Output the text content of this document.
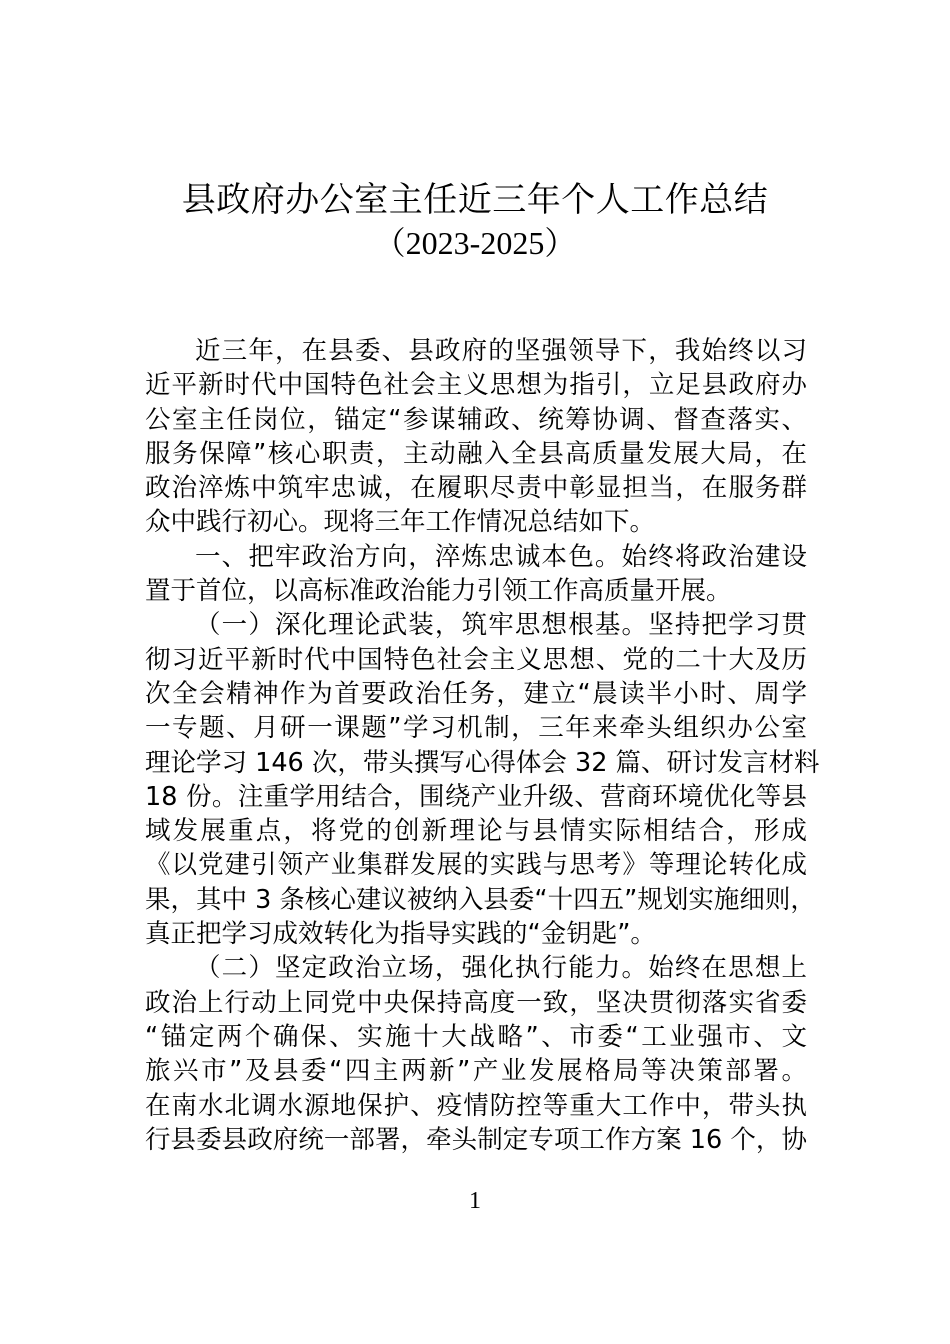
县政府办公室主任近三年个人工作总结
（2023-2025）
近三年，在县委、县政府的坚强领导下，我始终以习
近平新时代中国特色社会主义思想为指引，立足县政府办
公室主任岗位，锚定“参谋辅政、统筹协调、督查落实、
服务保障”核心职责，主动融入全县高质量发展大局，在
政治淬炼中筑牢忠诚，在履职尽责中彰显担当，在服务群
众中践行初心。现将三年工作情况总结如下。
一、把牢政治方向，淬炼忠诚本色。始终将政治建设
置于首位，以高标准政治能力引领工作高质量开展。
（一）深化理论武装，筑牢思想根基。坚持把学习贯
彻习近平新时代中国特色社会主义思想、党的二十大及历
次全会精神作为首要政治任务，建立“晨读半小时、周学
一专题、月研一课题”学习机制，三年来牵头组织办公室
理论学习 146 次，带头撰写心得体会 32 篇、研讨发言材料
18 份。注重学用结合，围绕产业升级、营商环境优化等县
域发展重点，将党的创新理论与县情实际相结合，形成
《以党建引领产业集群发展的实践与思考》等理论转化成
果，其中 3 条核心建议被纳入县委“十四五”规划实施细则，
真正把学习成效转化为指导实践的“金钥匙”。
（二）坚定政治立场，强化执行能力。始终在思想上
政治上行动上同党中央保持高度一致，坚决贯彻落实省委
“锚定两个确保、实施十大战略”、市委“工业强市、文
旅兴市”及县委“四主两新”产业发展格局等决策部署。
在南水北调水源地保护、疫情防控等重大工作中，带头执
行县委县政府统一部署，牵头制定专项工作方案 16 个，协
1
